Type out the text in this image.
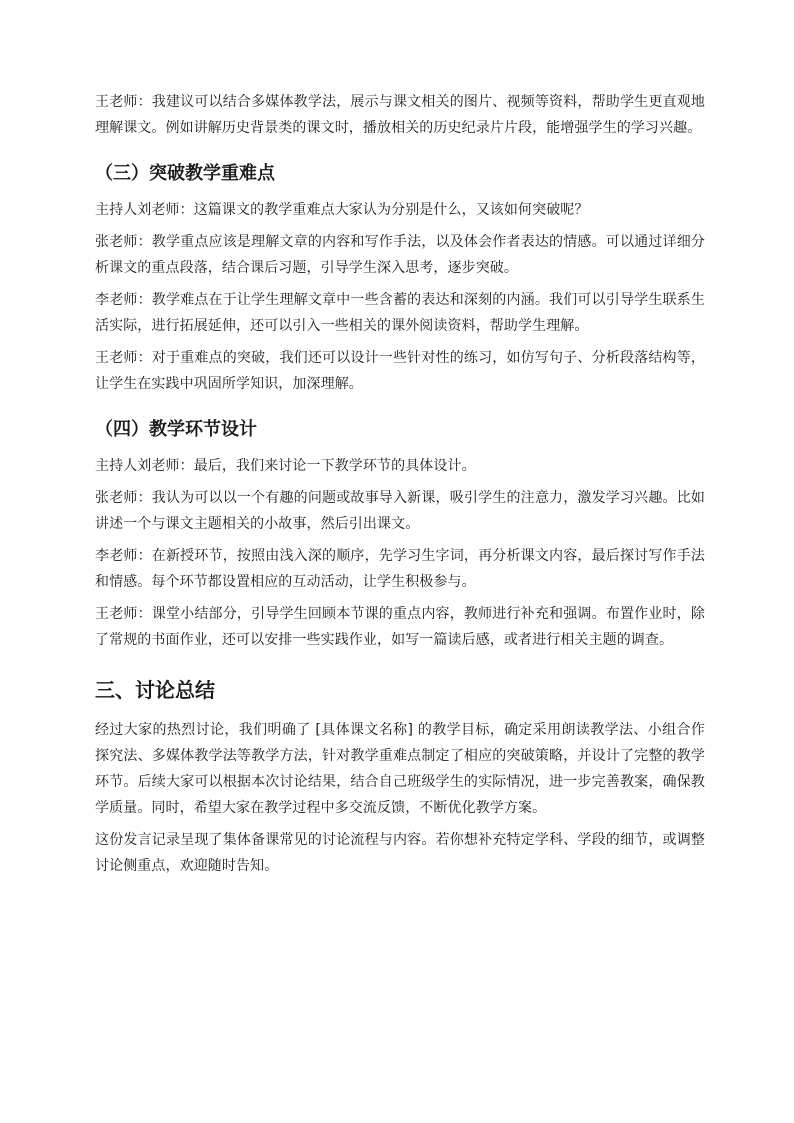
王老师：我建议可以结合多媒体教学法，展示与课文相关的图片、视频等资料，帮助学生更直观地理解课文。例如讲解历史背景类的课文时，播放相关的历史纪录片片段，能增强学生的学习兴趣。

（三）突破教学重难点

主持人刘老师：这篇课文的教学重难点大家认为分别是什么，又该如何突破呢？

张老师：教学重点应该是理解文章的内容和写作手法，以及体会作者表达的情感。可以通过详细分析课文的重点段落，结合课后习题，引导学生深入思考，逐步突破。

李老师：教学难点在于让学生理解文章中一些含蓄的表达和深刻的内涵。我们可以引导学生联系生活实际，进行拓展延伸，还可以引入一些相关的课外阅读资料，帮助学生理解。

王老师：对于重难点的突破，我们还可以设计一些针对性的练习，如仿写句子、分析段落结构等，让学生在实践中巩固所学知识，加深理解。

（四）教学环节设计

主持人刘老师：最后，我们来讨论一下教学环节的具体设计。

张老师：我认为可以以一个有趣的问题或故事导入新课，吸引学生的注意力，激发学习兴趣。比如讲述一个与课文主题相关的小故事，然后引出课文。

李老师：在新授环节，按照由浅入深的顺序，先学习生字词，再分析课文内容，最后探讨写作手法和情感。每个环节都设置相应的互动活动，让学生积极参与。

王老师：课堂小结部分，引导学生回顾本节课的重点内容，教师进行补充和强调。布置作业时，除了常规的书面作业，还可以安排一些实践作业，如写一篇读后感，或者进行相关主题的调查。

三、讨论总结

经过大家的热烈讨论，我们明确了 [具体课文名称] 的教学目标，确定采用朗读教学法、小组合作探究法、多媒体教学法等教学方法，针对教学重难点制定了相应的突破策略，并设计了完整的教学环节。后续大家可以根据本次讨论结果，结合自己班级学生的实际情况，进一步完善教案，确保教学质量。同时，希望大家在教学过程中多交流反馈，不断优化教学方案。

这份发言记录呈现了集体备课常见的讨论流程与内容。若你想补充特定学科、学段的细节，或调整讨论侧重点，欢迎随时告知。
